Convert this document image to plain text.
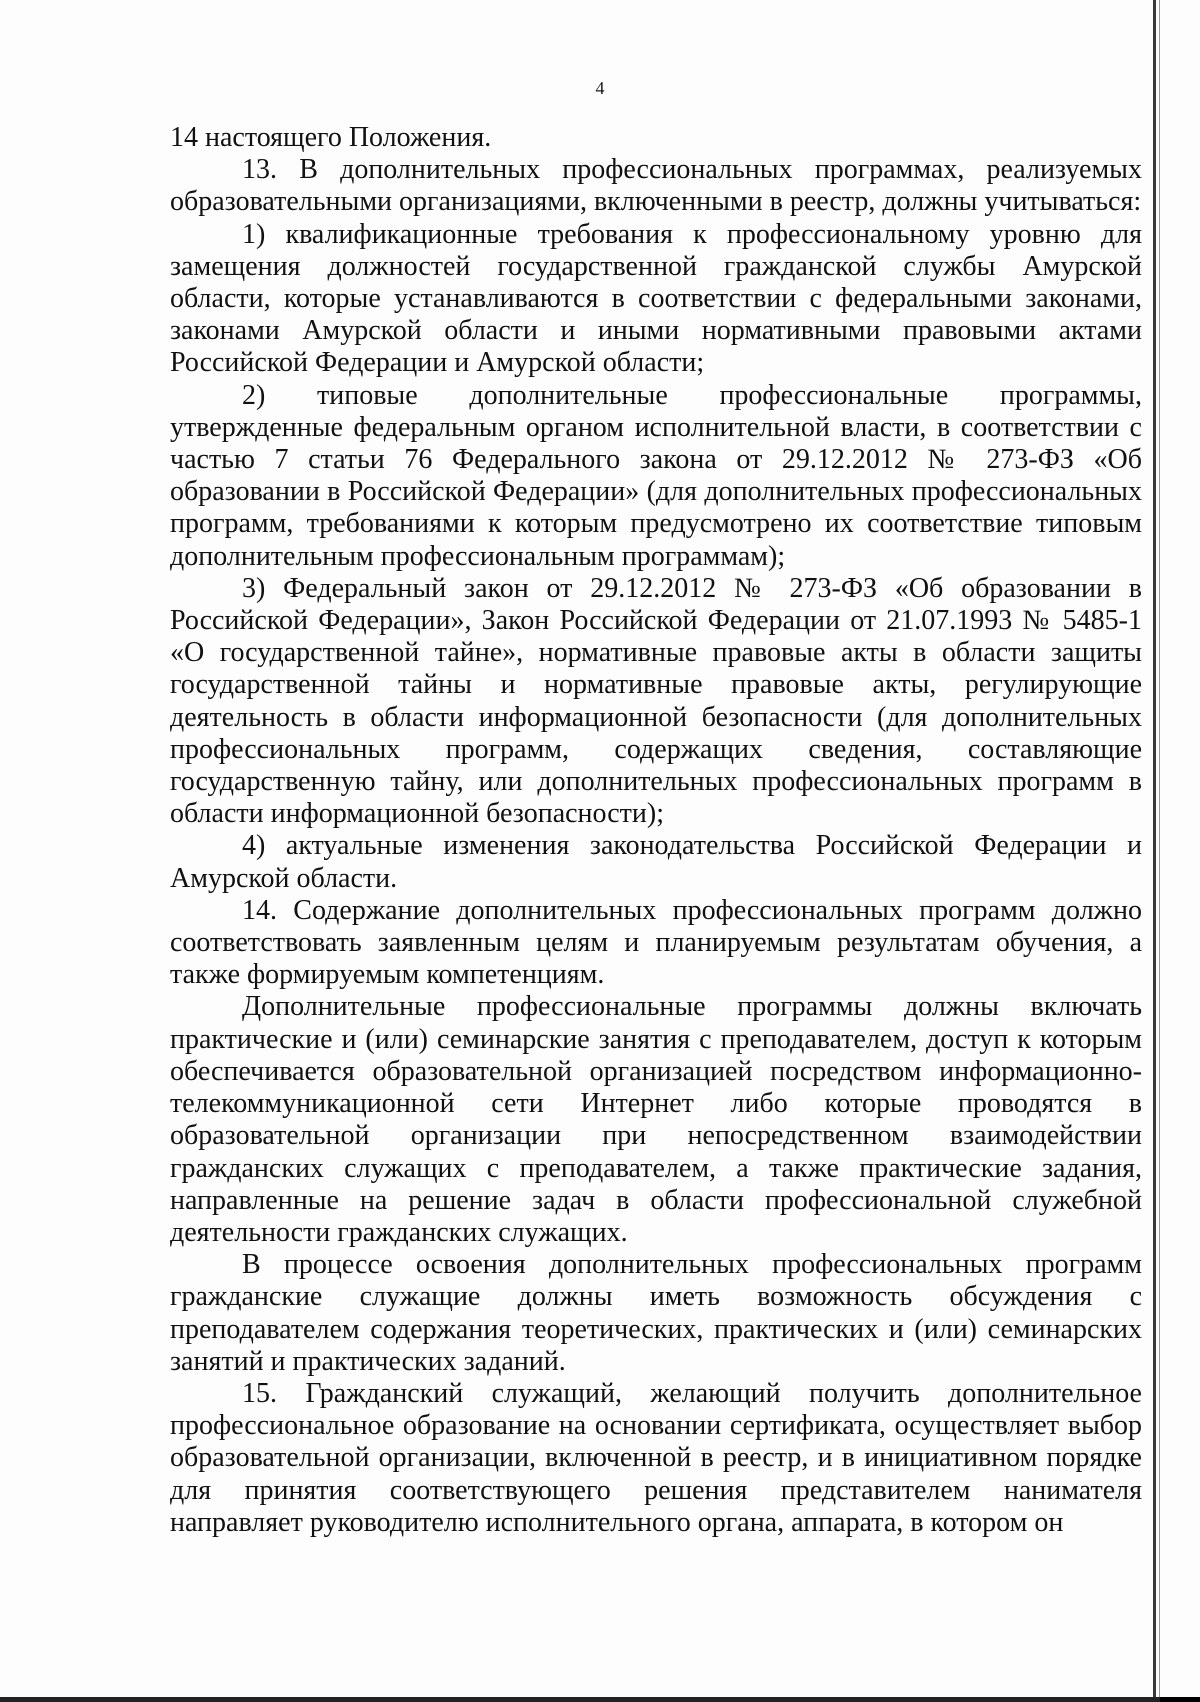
4

14 настоящего Положения.

13. В дополнительных профессиональных программах, реализуемых образовательными организациями, включенными в реестр, должны учитываться:

1) квалификационные требования к профессиональному уровню для замещения должностей государственной гражданской службы Амурской области, которые устанавливаются в соответствии с федеральными законами, законами Амурской области и иными нормативными правовыми актами Российской Федерации и Амурской области;

2) типовые дополнительные профессиональные программы, утвержденные федеральным органом исполнительной власти, в соответствии с частью 7 статьи 76 Федерального закона от 29.12.2012 № 273-ФЗ «Об образовании в Российской Федерации» (для дополнительных профессиональных программ, требованиями к которым предусмотрено их соответствие типовым дополнительным профессиональным программам);

3) Федеральный закон от 29.12.2012 № 273-ФЗ «Об образовании в Российской Федерации», Закон Российской Федерации от 21.07.1993 № 5485-1 «О государственной тайне», нормативные правовые акты в области защиты государственной тайны и нормативные правовые акты, регулирующие деятельность в области информационной безопасности (для дополнительных профессиональных программ, содержащих сведения, составляющие государственную тайну, или дополнительных профессиональных программ в области информационной безопасности);

4) актуальные изменения законодательства Российской Федерации и Амурской области.

14. Содержание дополнительных профессиональных программ должно соответствовать заявленным целям и планируемым результатам обучения, а также формируемым компетенциям.

Дополнительные профессиональные программы должны включать практические и (или) семинарские занятия с преподавателем, доступ к которым обеспечивается образовательной организацией посредством информационно-телекоммуникационной сети Интернет либо которые проводятся в образовательной организации при непосредственном взаимодействии гражданских служащих с преподавателем, а также практические задания, направленные на решение задач в области профессиональной служебной деятельности гражданских служащих.

В процессе освоения дополнительных профессиональных программ гражданские служащие должны иметь возможность обсуждения с преподавателем содержания теоретических, практических и (или) семинарских занятий и практических заданий.

15. Гражданский служащий, желающий получить дополнительное профессиональное образование на основании сертификата, осуществляет выбор образовательной организации, включенной в реестр, и в инициативном порядке для принятия соответствующего решения представителем нанимателя направляет руководителю исполнительного органа, аппарата, в котором он
